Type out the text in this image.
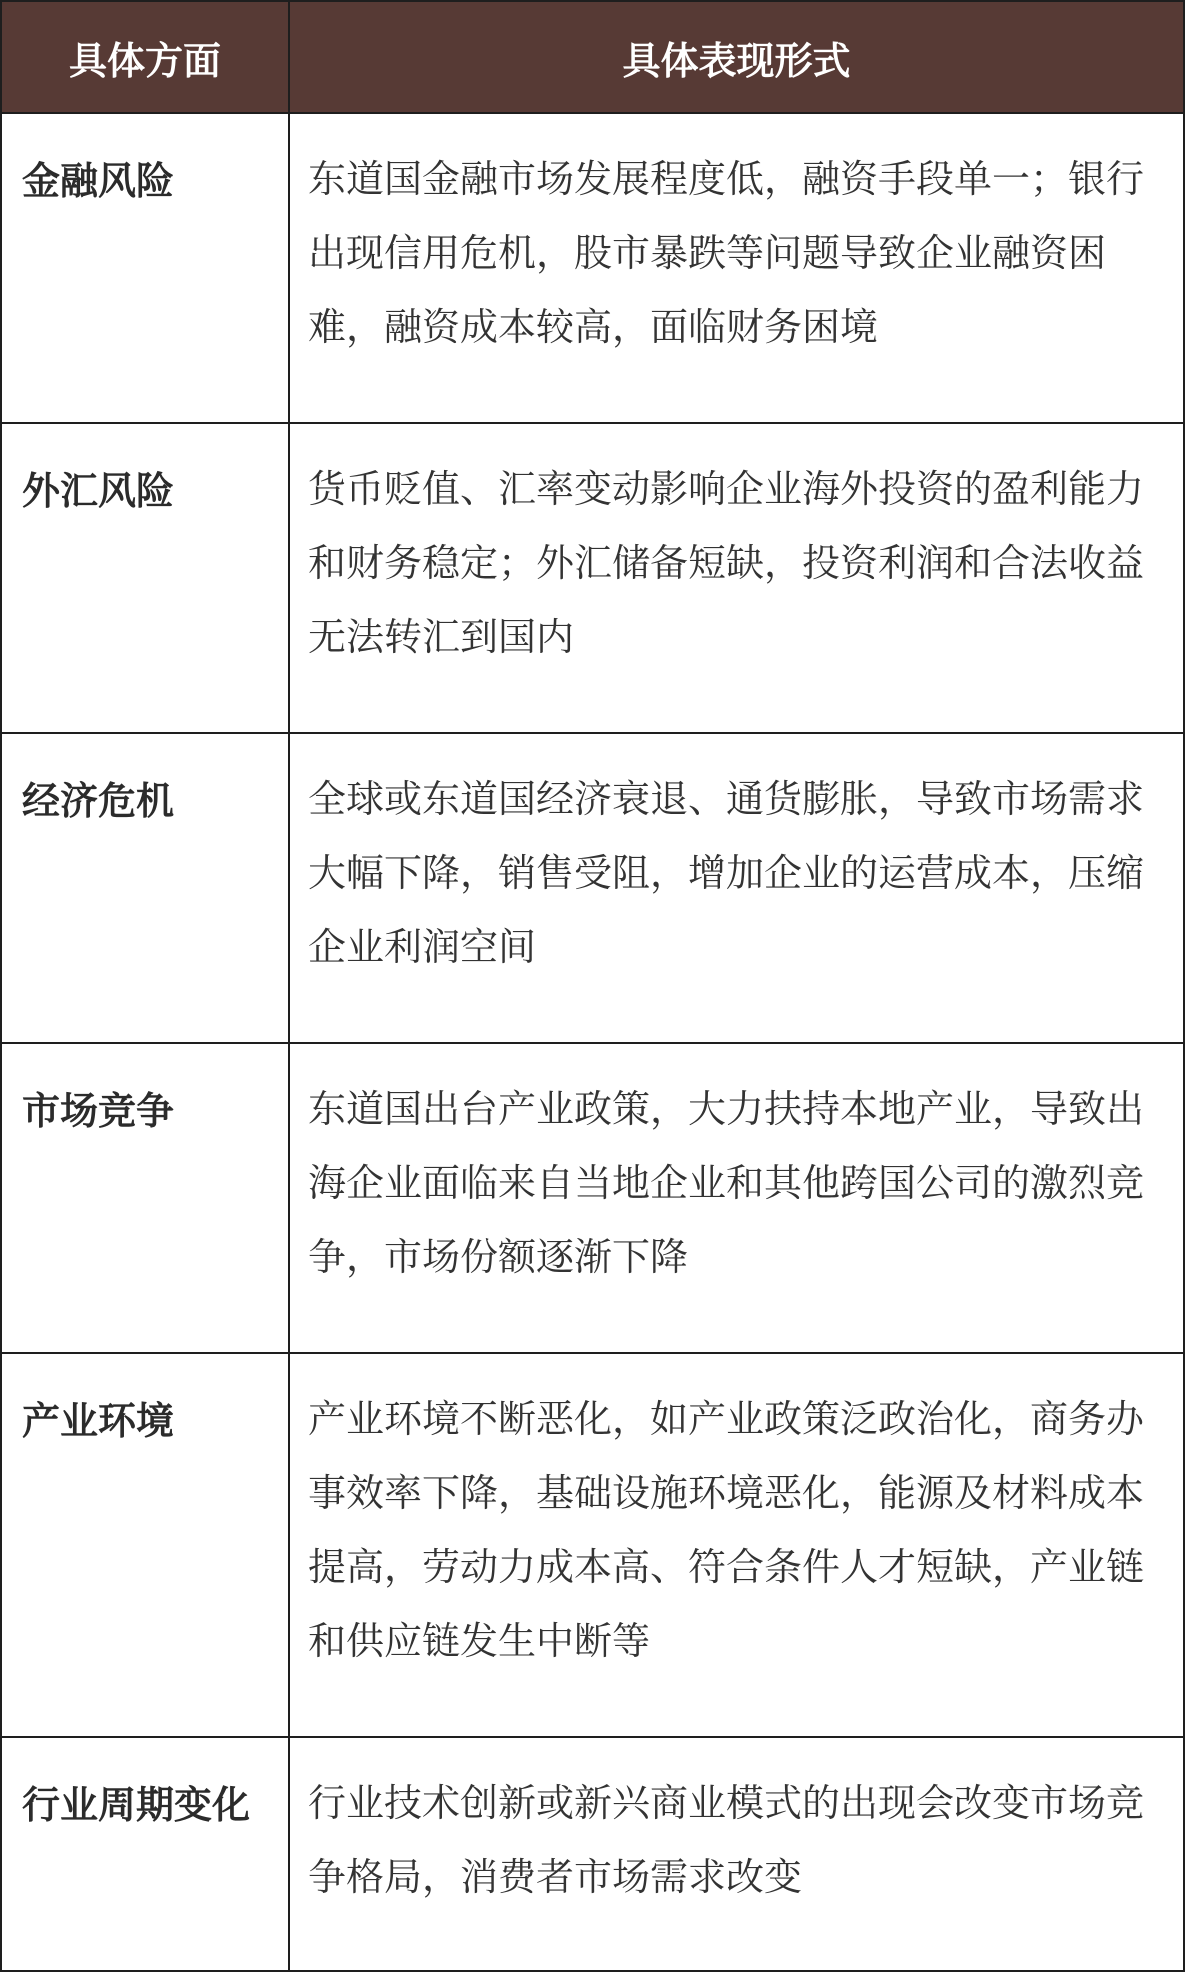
具体方面	具体表现形式
金融风险	东道国金融市场发展程度低，融资手段单一；银行出现信用危机，股市暴跌等问题导致企业融资困难，融资成本较高，面临财务困境
外汇风险	货币贬值、汇率变动影响企业海外投资的盈利能力和财务稳定；外汇储备短缺，投资利润和合法收益无法转汇到国内
经济危机	全球或东道国经济衰退、通货膨胀，导致市场需求大幅下降，销售受阻，增加企业的运营成本，压缩企业利润空间
市场竞争	东道国出台产业政策，大力扶持本地产业，导致出海企业面临来自当地企业和其他跨国公司的激烈竞争，市场份额逐渐下降
产业环境	产业环境不断恶化，如产业政策泛政治化，商务办事效率下降，基础设施环境恶化，能源及材料成本提高，劳动力成本高、符合条件人才短缺，产业链和供应链发生中断等
行业周期变化	行业技术创新或新兴商业模式的出现会改变市场竞争格局，消费者市场需求改变
